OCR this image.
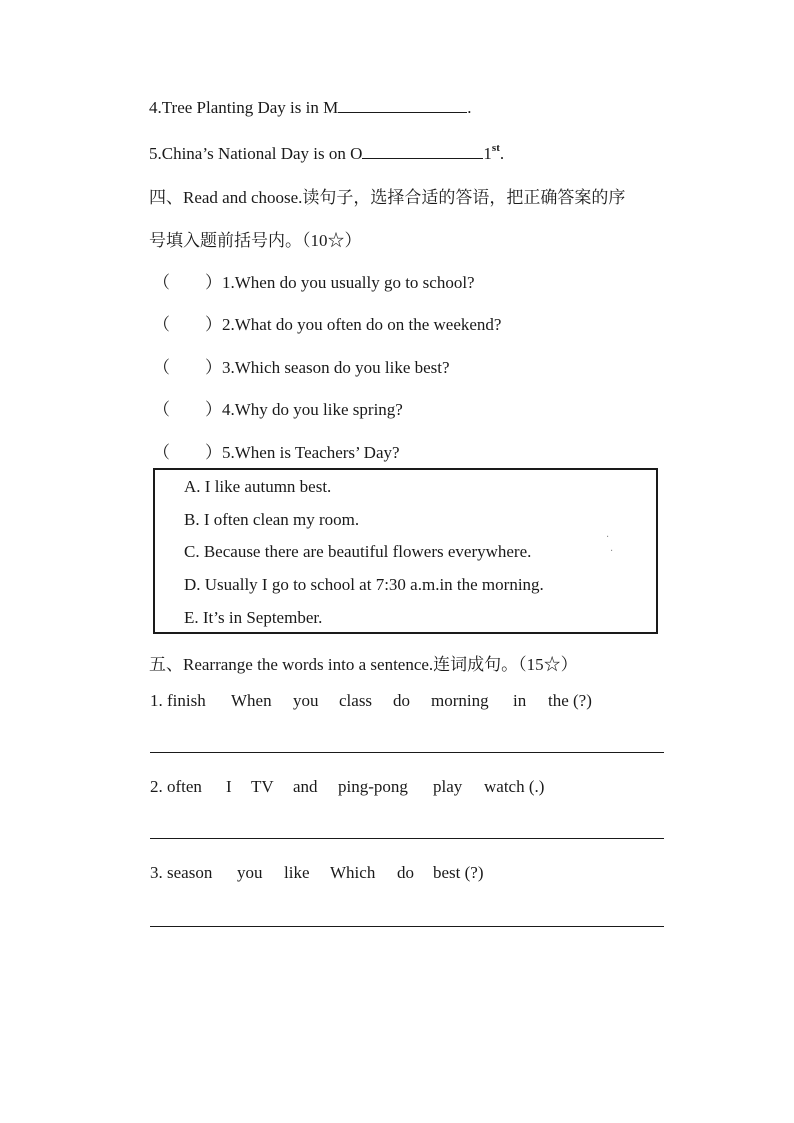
4.Tree Planting Day is in M	.
5.China’s National Day is on O	1st.
四、Read and choose.读句子，选择合适的答语，把正确答案的序
号填入题前括号内。（10☆）
（ ）1.When do you usually go to school?
（ ）2.What do you often do on the weekend?
（ ）3.Which season do you like best?
（ ）4.Why do you like spring?
（ ）5.When is Teachers’ Day?
A. I like autumn best.
B. I often clean my room.
C. Because there are beautiful flowers everywhere.
D. Usually I go to school at 7:30 a.m.in the morning.
E. It’s in September.
·
·
五、Rearrange the words into a sentence.连词成句。（15☆）
1. finish When you class do morning in the (?)
2. often I TV and ping-pong play watch (.)
3. season you like Which do best (?)
